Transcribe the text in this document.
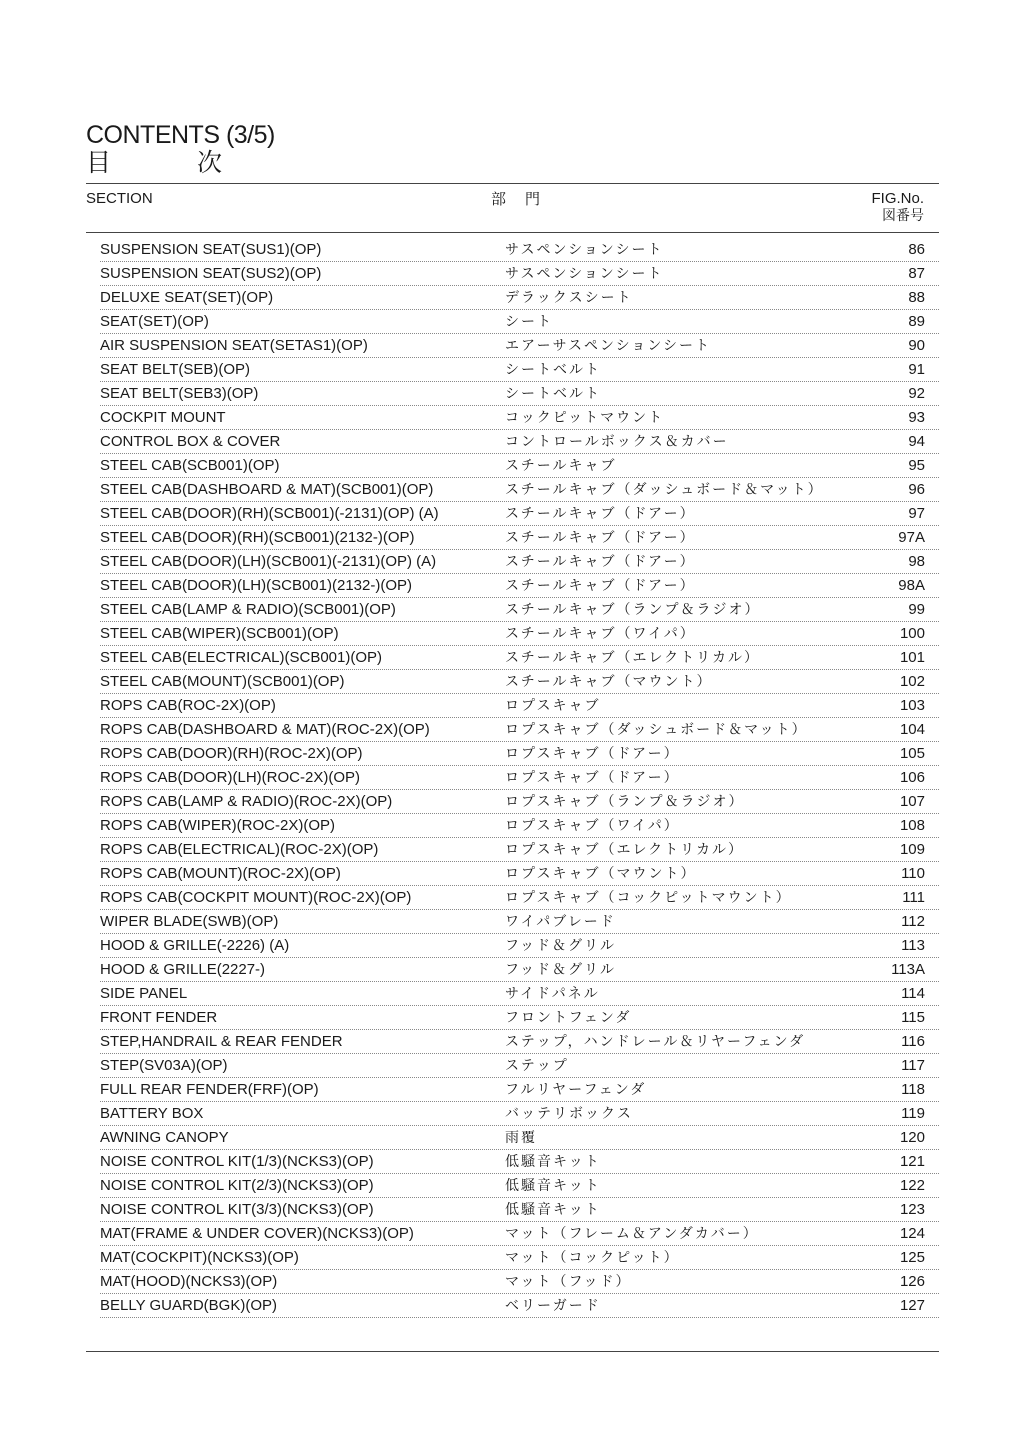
CONTENTS (3/5)
目	次
SECTION	部　門	FIG.No.
図番号
SUSPENSION SEAT(SUS1)(OP)	サスペンションシート	86
SUSPENSION SEAT(SUS2)(OP)	サスペンションシート	87
DELUXE SEAT(SET)(OP)	デラックスシート	88
SEAT(SET)(OP)	シート	89
AIR SUSPENSION SEAT(SETAS1)(OP)	エアーサスペンションシート	90
SEAT BELT(SEB)(OP)	シートベルト	91
SEAT BELT(SEB3)(OP)	シートベルト	92
COCKPIT MOUNT	コックピットマウント	93
CONTROL BOX & COVER	コントロールボックス＆カバー	94
STEEL CAB(SCB001)(OP)	スチールキャブ	95
STEEL CAB(DASHBOARD & MAT)(SCB001)(OP)	スチールキャブ（ダッシュボード＆マット）	96
STEEL CAB(DOOR)(RH)(SCB001)(-2131)(OP) (A)	スチールキャブ（ドアー）	97
STEEL CAB(DOOR)(RH)(SCB001)(2132-)(OP)	スチールキャブ（ドアー）	97A
STEEL CAB(DOOR)(LH)(SCB001)(-2131)(OP) (A)	スチールキャブ（ドアー）	98
STEEL CAB(DOOR)(LH)(SCB001)(2132-)(OP)	スチールキャブ（ドアー）	98A
STEEL CAB(LAMP & RADIO)(SCB001)(OP)	スチールキャブ（ランプ＆ラジオ）	99
STEEL CAB(WIPER)(SCB001)(OP)	スチールキャブ（ワイパ）	100
STEEL CAB(ELECTRICAL)(SCB001)(OP)	スチールキャブ（エレクトリカル）	101
STEEL CAB(MOUNT)(SCB001)(OP)	スチールキャブ（マウント）	102
ROPS CAB(ROC-2X)(OP)	ロプスキャブ	103
ROPS CAB(DASHBOARD & MAT)(ROC-2X)(OP)	ロプスキャブ（ダッシュボード＆マット）	104
ROPS CAB(DOOR)(RH)(ROC-2X)(OP)	ロプスキャブ（ドアー）	105
ROPS CAB(DOOR)(LH)(ROC-2X)(OP)	ロプスキャブ（ドアー）	106
ROPS CAB(LAMP & RADIO)(ROC-2X)(OP)	ロプスキャブ（ランプ＆ラジオ）	107
ROPS CAB(WIPER)(ROC-2X)(OP)	ロプスキャブ（ワイパ）	108
ROPS CAB(ELECTRICAL)(ROC-2X)(OP)	ロプスキャブ（エレクトリカル）	109
ROPS CAB(MOUNT)(ROC-2X)(OP)	ロプスキャブ（マウント）	110
ROPS CAB(COCKPIT MOUNT)(ROC-2X)(OP)	ロプスキャブ（コックピットマウント）	111
WIPER BLADE(SWB)(OP)	ワイパブレード	112
HOOD & GRILLE(-2226) (A)	フッド＆グリル	113
HOOD & GRILLE(2227-)	フッド＆グリル	113A
SIDE PANEL	サイドパネル	114
FRONT FENDER	フロントフェンダ	115
STEP,HANDRAIL & REAR FENDER	ステップ，ハンドレール＆リヤーフェンダ	116
STEP(SV03A)(OP)	ステップ	117
FULL REAR FENDER(FRF)(OP)	フルリヤーフェンダ	118
BATTERY BOX	バッテリボックス	119
AWNING CANOPY	雨覆	120
NOISE CONTROL KIT(1/3)(NCKS3)(OP)	低騒音キット	121
NOISE CONTROL KIT(2/3)(NCKS3)(OP)	低騒音キット	122
NOISE CONTROL KIT(3/3)(NCKS3)(OP)	低騒音キット	123
MAT(FRAME & UNDER COVER)(NCKS3)(OP)	マット（フレーム＆アンダカバー）	124
MAT(COCKPIT)(NCKS3)(OP)	マット（コックピット）	125
MAT(HOOD)(NCKS3)(OP)	マット（フッド）	126
BELLY GUARD(BGK)(OP)	ベリーガード	127
